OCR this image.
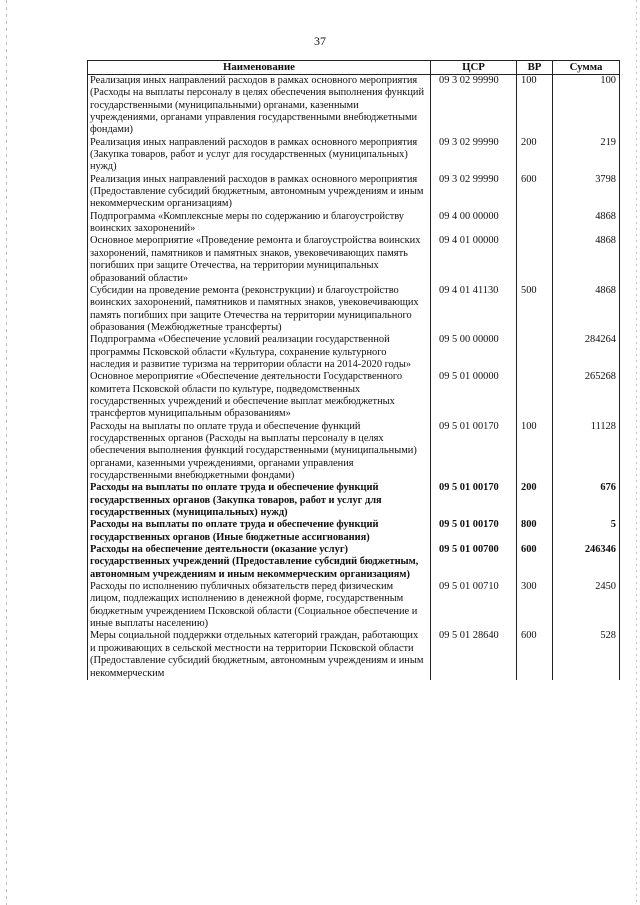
37
Наименование	ЦСР	ВР	Сумма
Реализация иных направлений расходов в рамках основного мероприятия (Расходы на выплаты персоналу в целях обеспечения выполнения функций государственными (муниципальными) органами, казенными учреждениями, органами управления государственными внебюджетными фондами)	09 3 02 99990	100	100
Реализация иных направлений расходов в рамках основного мероприятия (Закупка товаров, работ и услуг для государственных (муниципальных) нужд)	09 3 02 99990	200	219
Реализация иных направлений расходов в рамках основного мероприятия (Предоставление субсидий бюджетным, автономным учреждениям и иным некоммерческим организациям)	09 3 02 99990	600	3798
Подпрограмма «Комплексные меры по содержанию и благоустройству воинских захоронений»	09 4 00 00000		4868
Основное мероприятие «Проведение ремонта и благоустройства воинских захоронений, памятников и памятных знаков, увековечивающих память погибших при защите Отечества, на территории муниципальных образований области»	09 4 01 00000		4868
Субсидии на проведение ремонта (реконструкции) и благоустройство воинских захоронений, памятников и памятных знаков, увековечивающих память погибших при защите Отечества на территории муниципального образования (Межбюджетные трансферты)	09 4 01 41130	500	4868
Подпрограмма «Обеспечение условий реализации государственной программы Псковской области «Культура, сохранение культурного наследия и развитие туризма на территории области на 2014-2020 годы»	09 5 00 00000		284264
Основное мероприятие «Обеспечение деятельности Государственного комитета Псковской области по культуре, подведомственных государственных учреждений и обеспечение выплат межбюджетных трансфертов муниципальным образованиям»	09 5 01 00000		265268
Расходы на выплаты по оплате труда и обеспечение функций государственных органов (Расходы на выплаты персоналу в целях обеспечения выполнения функций государственными (муниципальными) органами, казенными учреждениями, органами управления государственными внебюджетными фондами)	09 5 01 00170	100	11128
Расходы на выплаты по оплате труда и обеспечение функций государственных органов (Закупка товаров, работ и услуг для государственных (муниципальных) нужд)	09 5 01 00170	200	676
Расходы на выплаты по оплате труда и обеспечение функций государственных органов (Иные бюджетные ассигнования)	09 5 01 00170	800	5
Расходы на обеспечение деятельности (оказание услуг) государственных учреждений (Предоставление субсидий бюджетным, автономным учреждениям и иным некоммерческим организациям)	09 5 01 00700	600	246346
Расходы по исполнению публичных обязательств перед физическим лицом, подлежащих исполнению в денежной форме, государственным бюджетным учреждением Псковской области (Социальное обеспечение и иные выплаты населению)	09 5 01 00710	300	2450
Меры социальной поддержки отдельных категорий граждан, работающих и проживающих в сельской местности на территории Псковской области (Предоставление субсидий бюджетным, автономным учреждениям и иным некоммерческим	09 5 01 28640	600	528
